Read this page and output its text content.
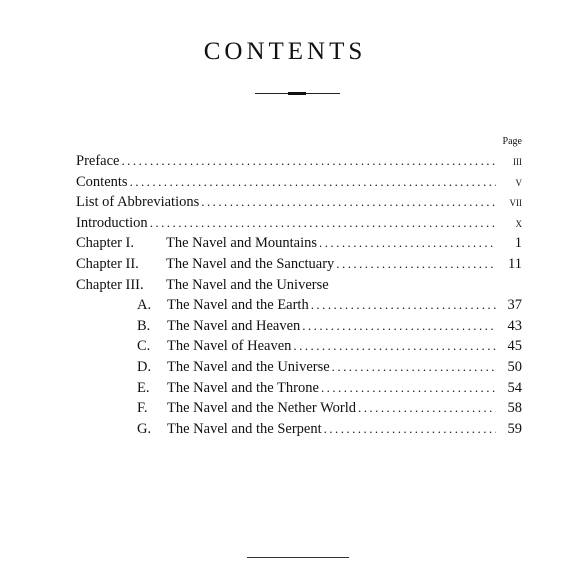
CONTENTS
Page
Preface . . .	iii
Contents . . .	v
List of Abbreviations . . .	vii
Introduction . . .	x
Chapter I.	The Navel and Mountains . . .	1
Chapter II.	The Navel and the Sanctuary . . .	11
Chapter III.	The Navel and the Universe
A.	The Navel and the Earth . . .	37
B.	The Navel and Heaven . . .	43
C.	The Navel of Heaven . . .	45
D.	The Navel and the Universe . . .	50
E.	The Navel and the Throne . . .	54
F.	The Navel and the Nether World . . .	58
G.	The Navel and the Serpent . . .	59
